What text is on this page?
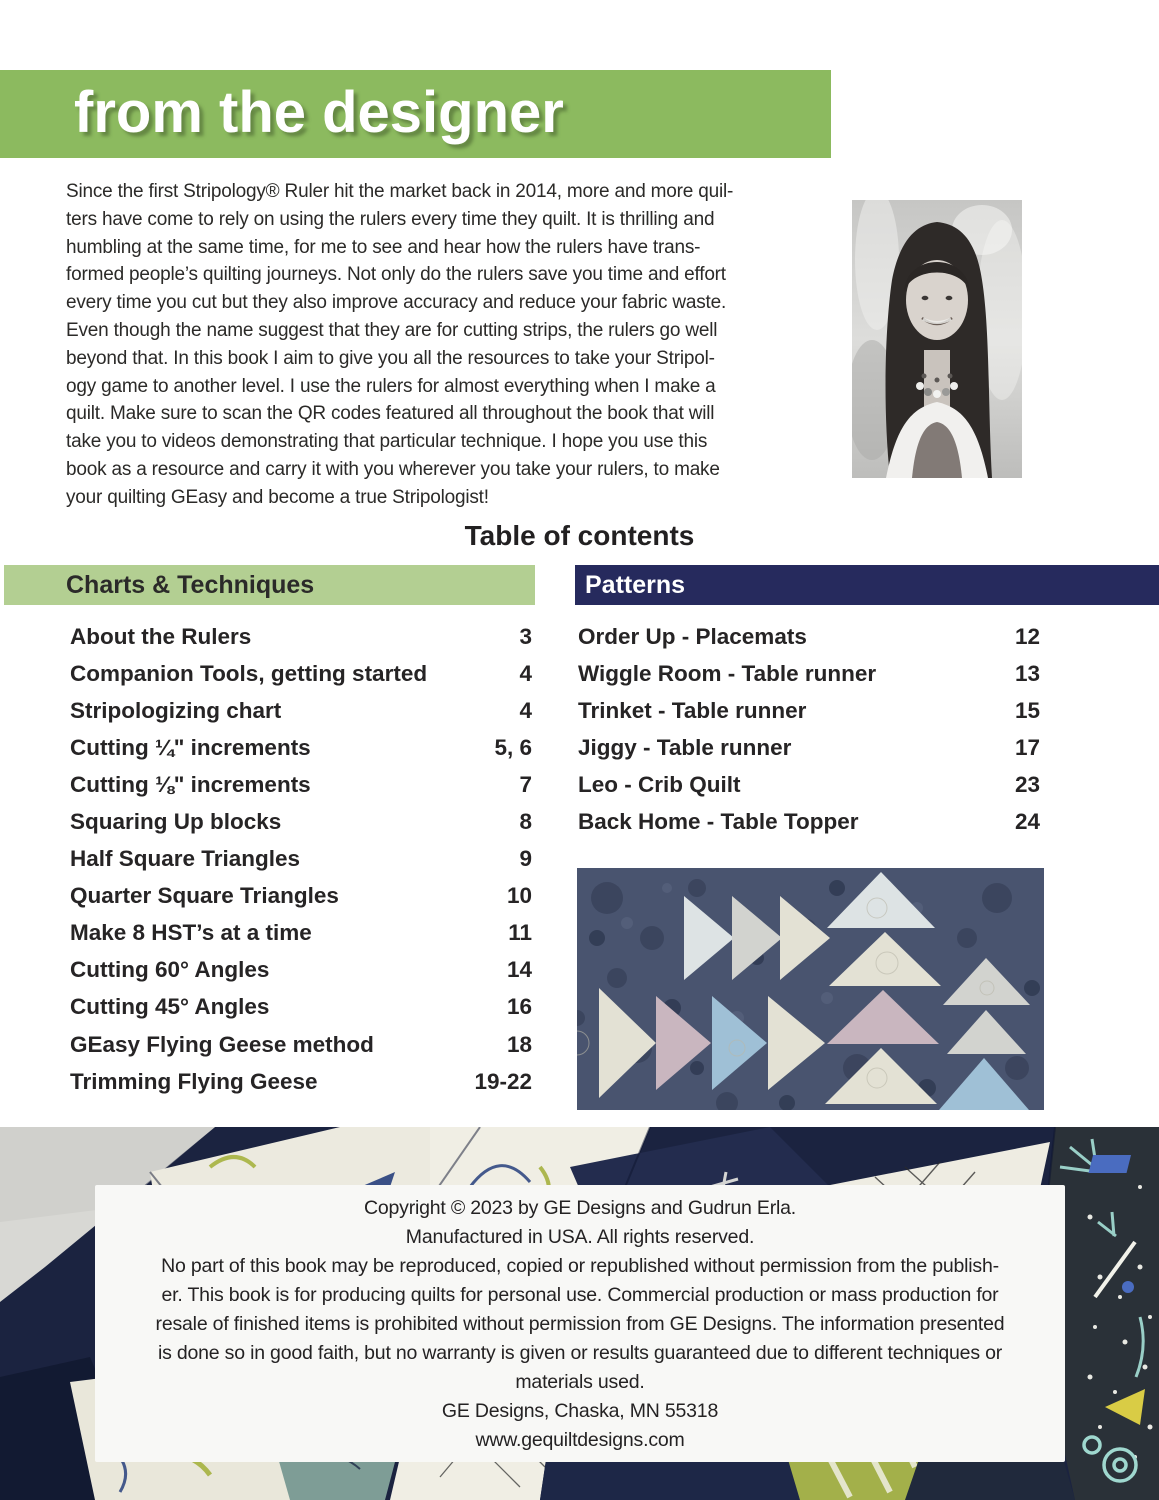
from the designer
Since the first Stripology® Ruler hit the market back in 2014, more and more quil-
ters have come to rely on using the rulers every time they quilt. It is thrilling and
humbling at the same time, for me to see and hear how the rulers have trans-
formed people’s quilting journeys. Not only do the rulers save you time and effort
every time you cut but they also improve accuracy and reduce your fabric waste.
Even though the name suggest that they are for cutting strips, the rulers go well
beyond that. In this book I aim to give you all the resources to take your Stripol-
ogy game to another level. I use the rulers for almost everything when I make a
quilt. Make sure to scan the QR codes featured all throughout the book that will
take you to videos demonstrating that particular technique. I hope you use this
book as a resource and carry it with you wherever you take your rulers, to make
your quilting GEasy and become a true Stripologist!
Table of contents
Charts & Techniques	Patterns
About the Rulers	3
Companion Tools, getting started	4
Stripologizing chart	4
Cutting ¼" increments	5, 6
Cutting ⅛" increments	7
Squaring Up blocks	8
Half Square Triangles	9
Quarter Square Triangles	10
Make 8 HST’s at a time	11
Cutting 60° Angles	14
Cutting 45° Angles	16
GEasy Flying Geese method	18
Trimming Flying Geese	19-22
Order Up - Placemats	12
Wiggle Room - Table runner	13
Trinket - Table runner	15
Jiggy - Table runner	17
Leo - Crib Quilt	23
Back Home - Table Topper	24
Copyright © 2023 by GE Designs and Gudrun Erla.
Manufactured in USA. All rights reserved.
No part of this book may be reproduced, copied or republished without permission from the publish-
er. This book is for producing quilts for personal use. Commercial production or mass production for
resale of finished items is prohibited without permission from GE Designs. The information presented
is done so in good faith, but no warranty is given or results guaranteed due to different techniques or
materials used.
GE Designs, Chaska, MN 55318
www.gequiltdesigns.com
